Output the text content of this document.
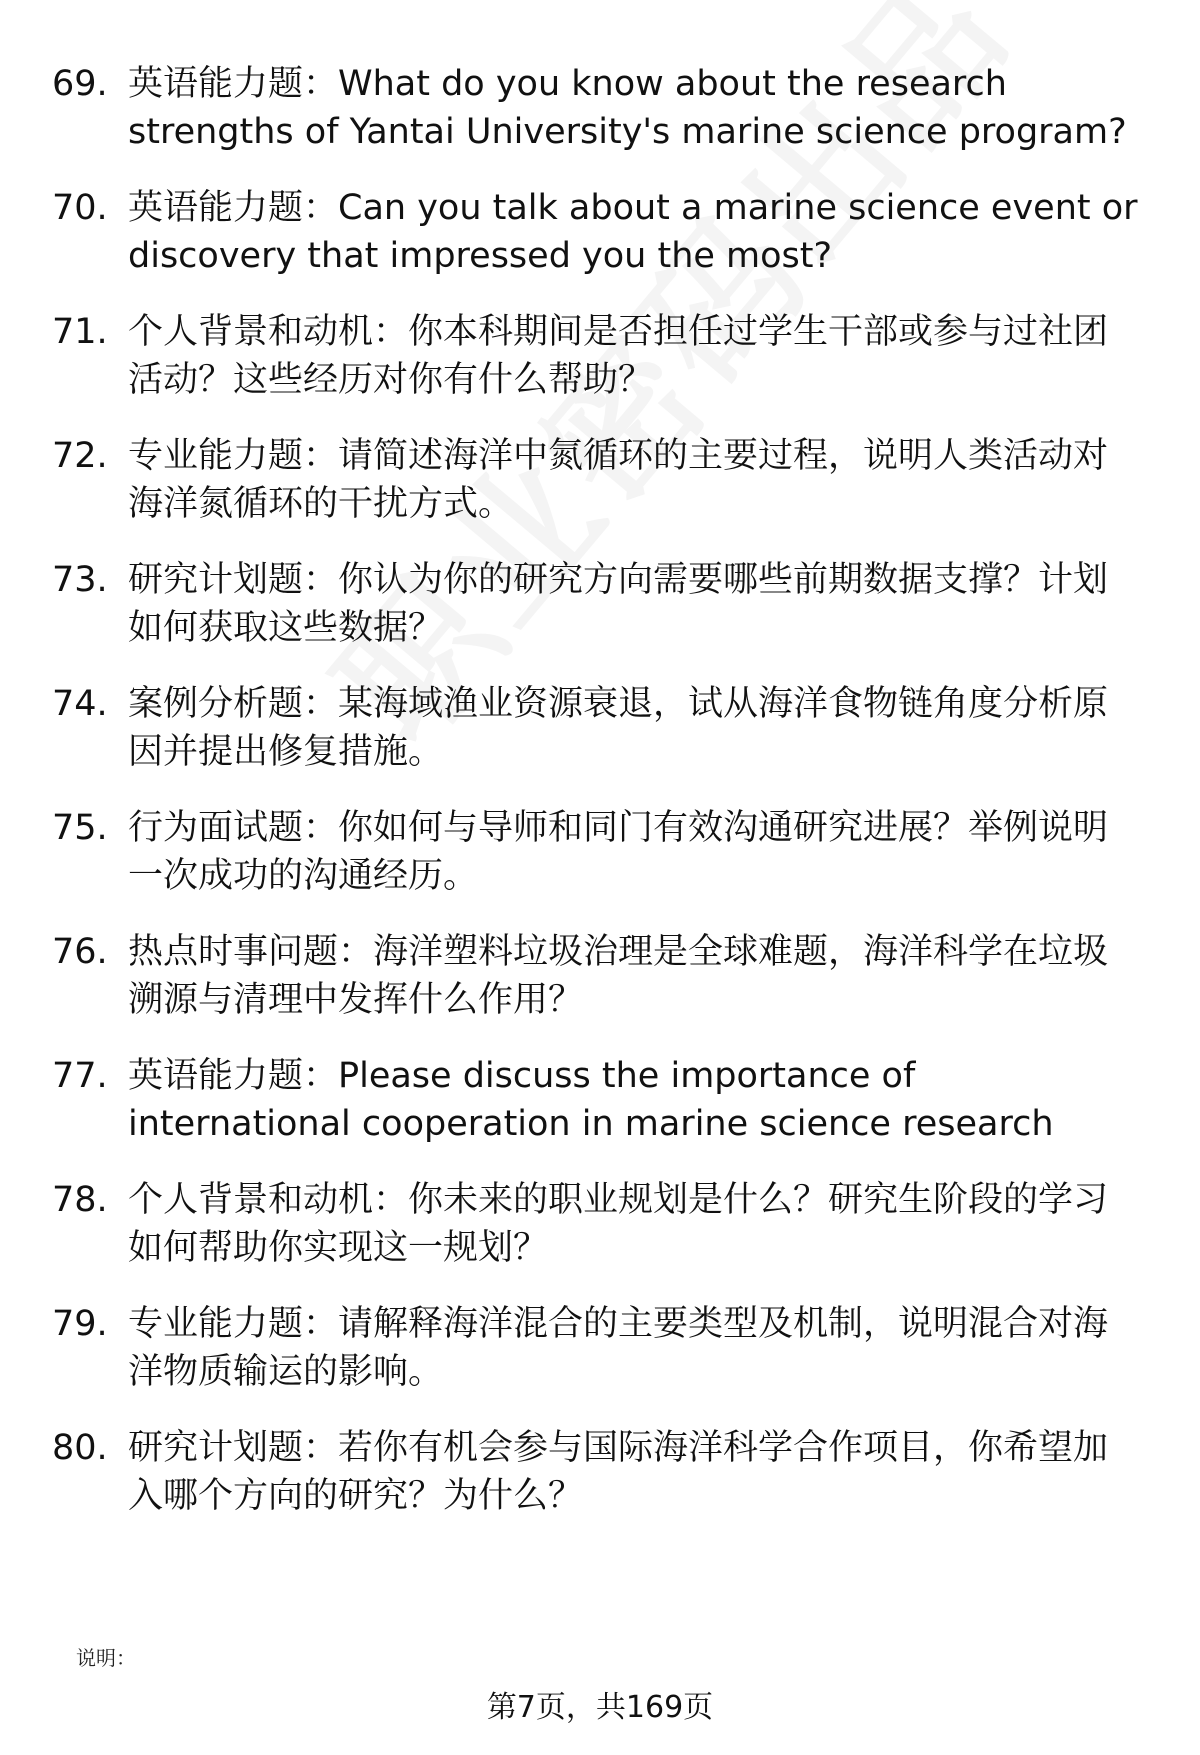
69. 英语能力题：What do you know about the research strengths of Yantai University's marine science program?
70. 英语能力题：Can you talk about a marine science event or discovery that impressed you the most?
71. 个人背景和动机：你本科期间是否担任过学生干部或参与过社团活动？这些经历对你有什么帮助？
72. 专业能力题：请简述海洋中氮循环的主要过程，说明人类活动对海洋氮循环的干扰方式。
73. 研究计划题：你认为你的研究方向需要哪些前期数据支撑？计划如何获取这些数据？
74. 案例分析题：某海域渔业资源衰退，试从海洋食物链角度分析原因并提出修复措施。
75. 行为面试题：你如何与导师和同门有效沟通研究进展？举例说明一次成功的沟通经历。
76. 热点时事问题：海洋塑料垃圾治理是全球难题，海洋科学在垃圾溯源与清理中发挥什么作用？
77. 英语能力题：Please discuss the importance of international cooperation in marine science research
78. 个人背景和动机：你未来的职业规划是什么？研究生阶段的学习如何帮助你实现这一规划？
79. 专业能力题：请解释海洋混合的主要类型及机制，说明混合对海洋物质输运的影响。
80. 研究计划题：若你有机会参与国际海洋科学合作项目，你希望加入哪个方向的研究？为什么？
说明：
第7页，共169页
